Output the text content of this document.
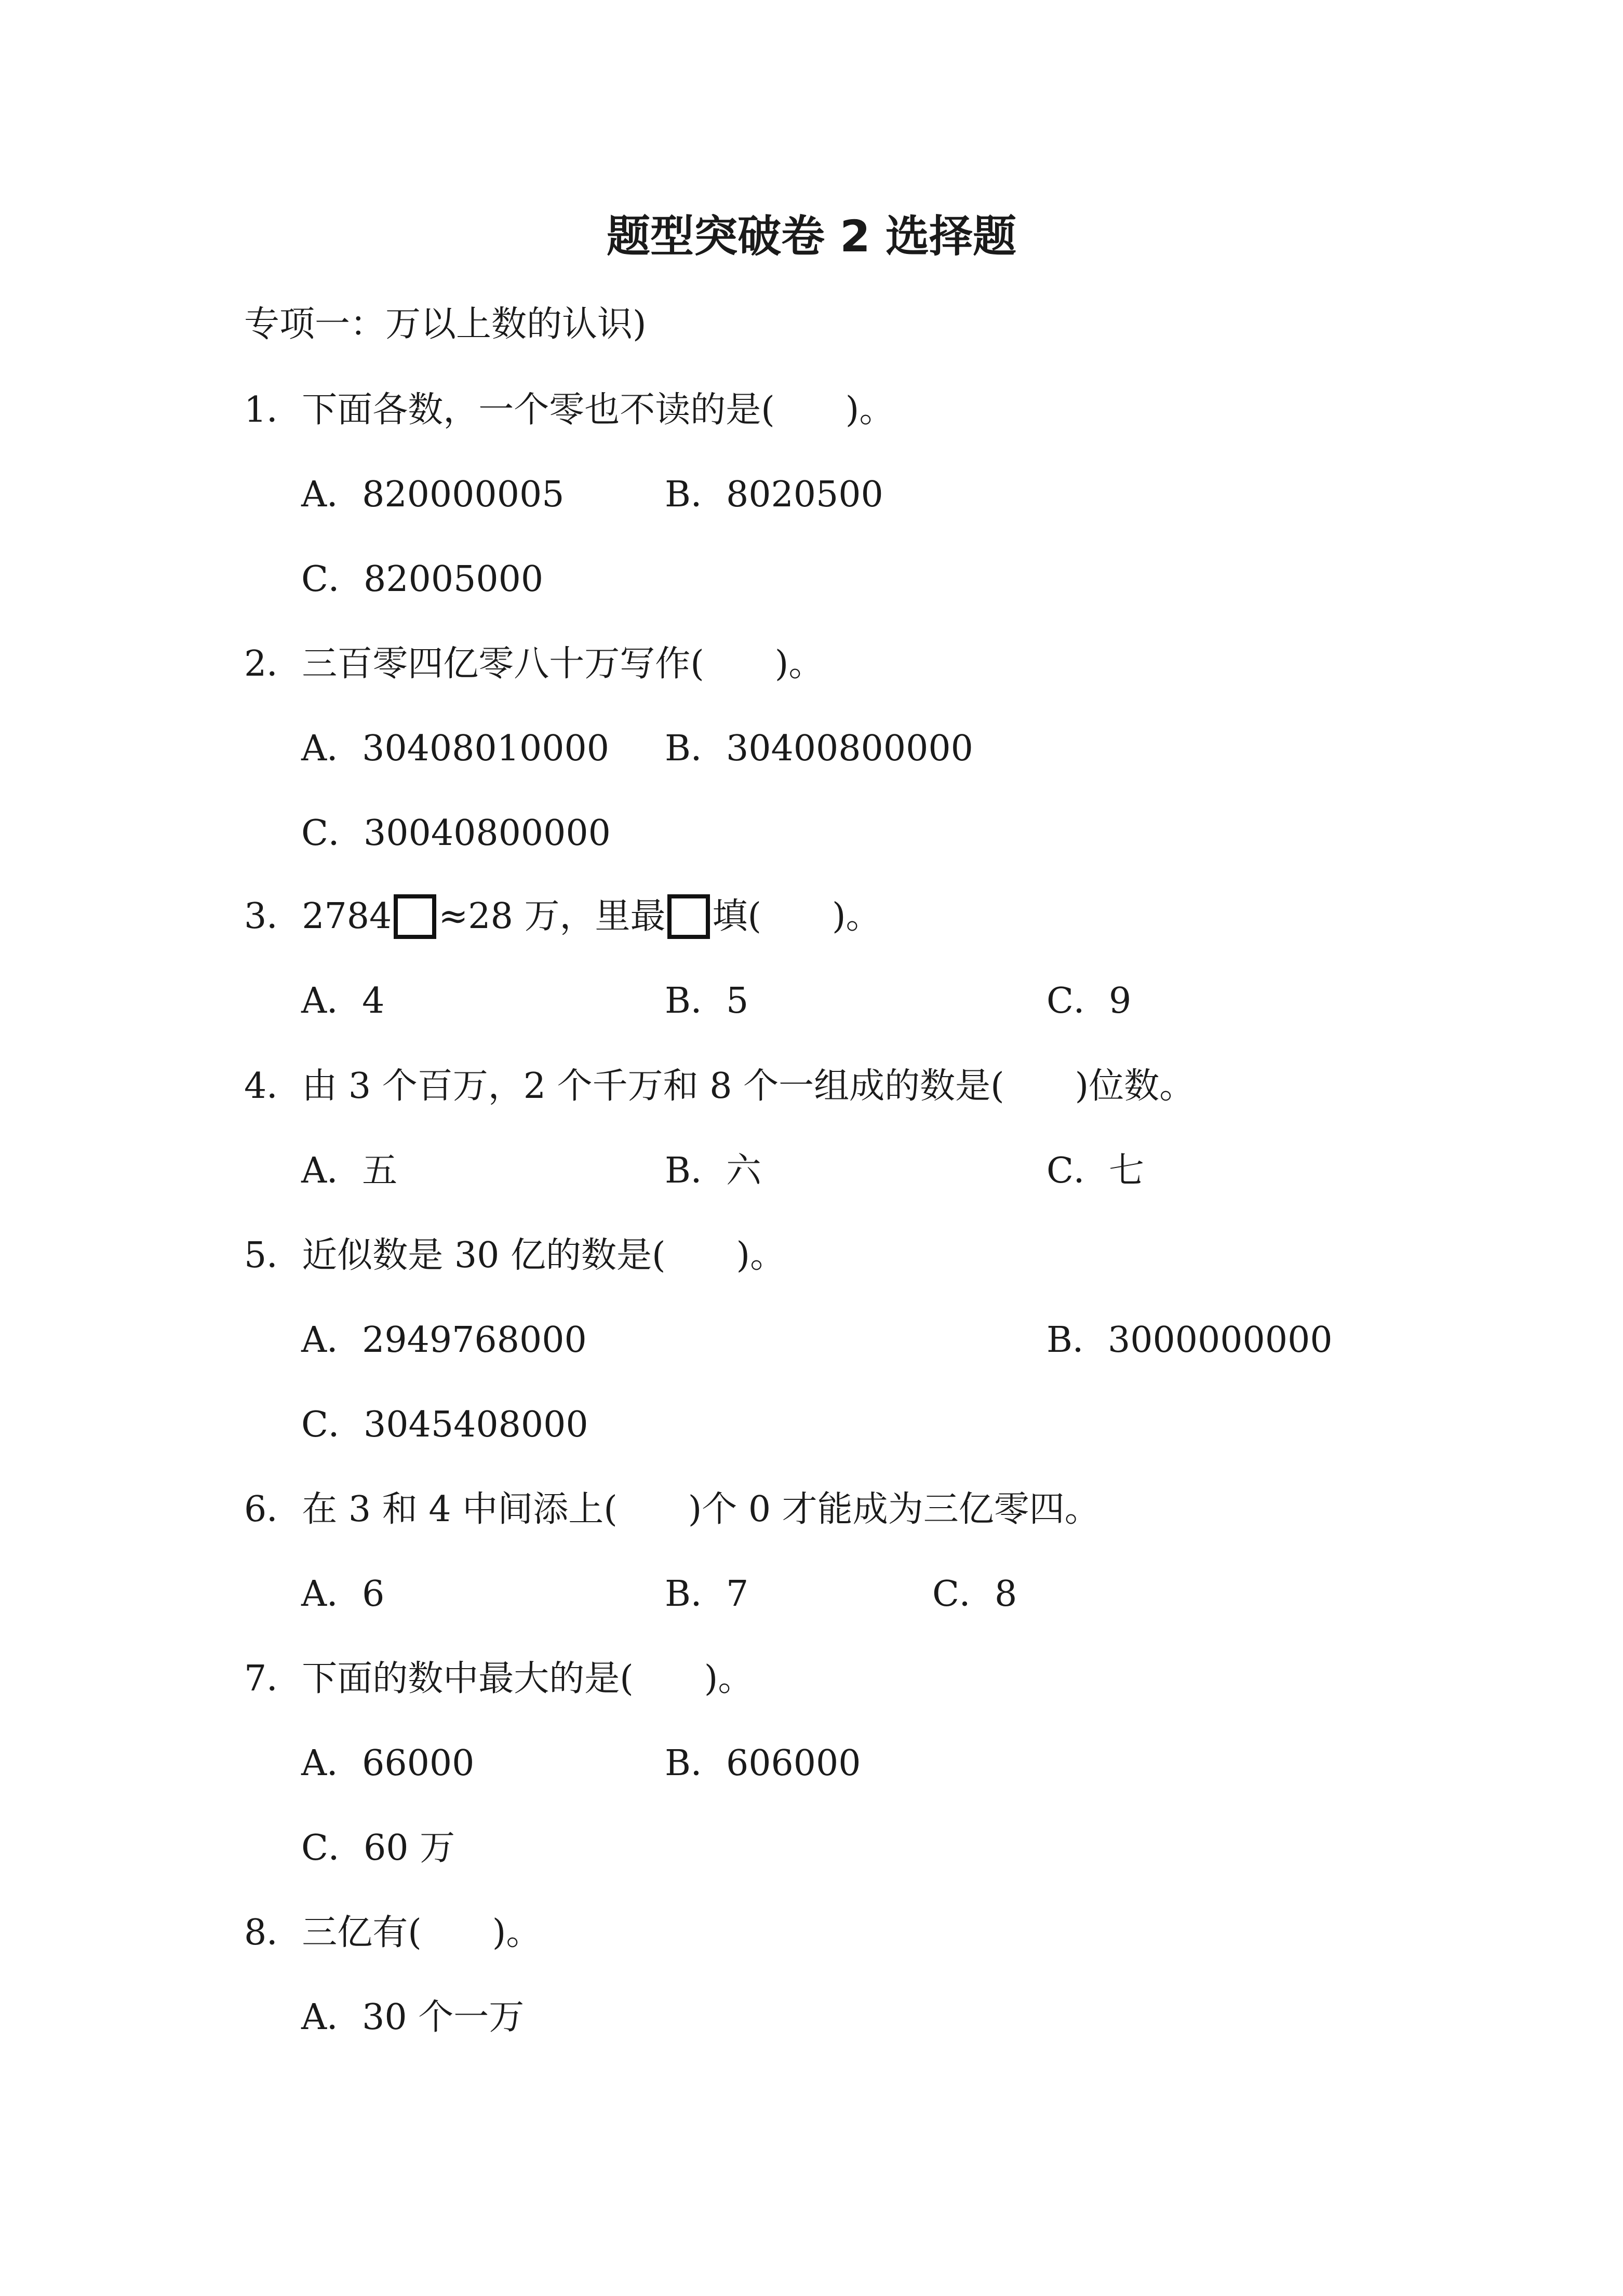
题型突破卷 2 选择题
专项一：万以上数的认识)
1．下面各数，一个零也不读的是(　　)。
A．820000005	B．8020500
C．82005000
2．三百零四亿零八十万写作(　　)。
A．30408010000 B．30400800000
C．30040800000
3．2784 ≈28 万，里最 填(　　)。
A．4	B．5	C．9
4．由 3 个百万，2 个千万和 8 个一组成的数是(　　)位数。
A．五	B．六	C．七
5．近似数是 30 亿的数是(　　)。
A．2949768000	B．3000000000
C．3045408000
6．在 3 和 4 中间添上(　　)个 0 才能成为三亿零四。
A．6	B．7	C．8
7．下面的数中最大的是(　　)。
A．66000	B．606000
C．60 万
8．三亿有(　　)。
A．30 个一万
